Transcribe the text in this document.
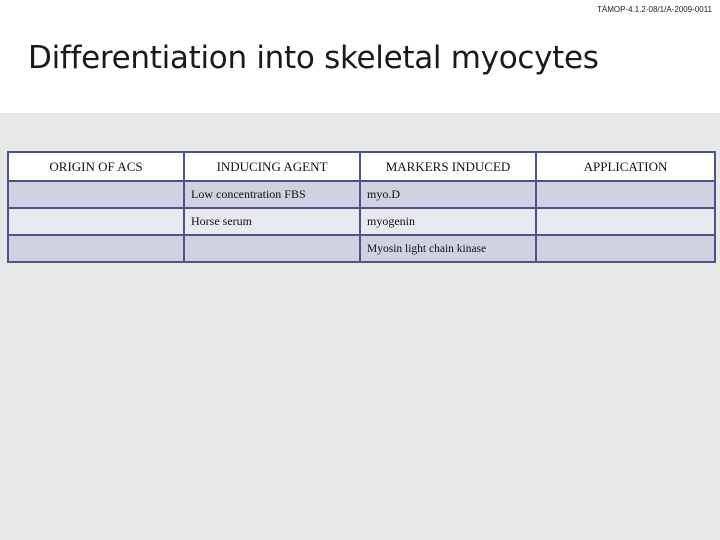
TÁMOP-4.1.2-08/1/A-2009-0011
Differentiation into skeletal myocytes
ORIGIN OF ACS	INDUCING AGENT	MARKERS INDUCED	APPLICATION
	Low concentration FBS	myo.D	
	Horse serum	myogenin	
		Myosin light chain kinase	
